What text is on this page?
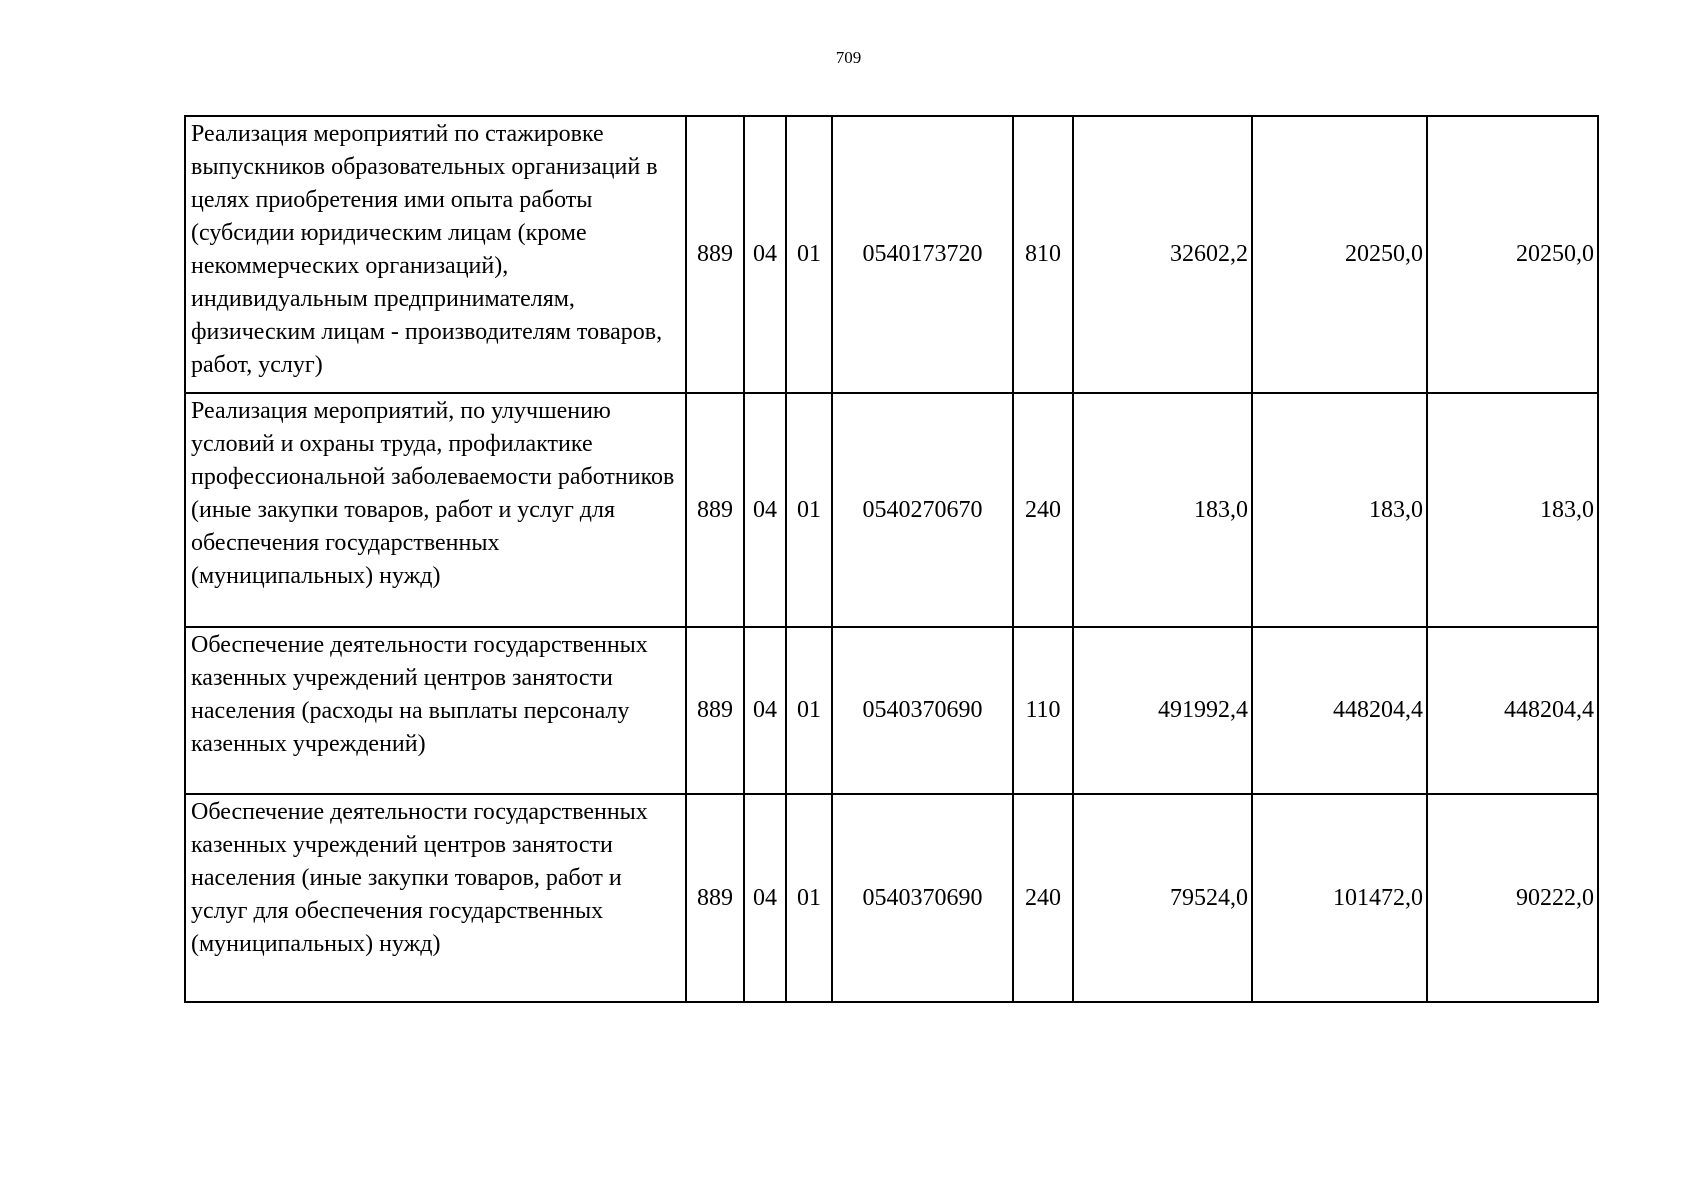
709
Реализация мероприятий по стажировке выпускников образовательных организаций в целях приобретения ими опыта работы (субсидии юридическим лицам (кроме некоммерческих организаций), индивидуальным предпринимателям, физическим лицам - производителям товаров, работ, услуг)	889	04	01	0540173720	810	32602,2	20250,0	20250,0
Реализация мероприятий, по улучшению условий и охраны труда, профилактике профессиональной заболеваемости работников (иные закупки товаров, работ и услуг для обеспечения государственных (муниципальных) нужд)	889	04	01	0540270670	240	183,0	183,0	183,0
Обеспечение деятельности государственных казенных учреждений центров занятости населения (расходы на выплаты персоналу казенных учреждений)	889	04	01	0540370690	110	491992,4	448204,4	448204,4
Обеспечение деятельности государственных казенных учреждений центров занятости населения (иные закупки товаров, работ и услуг для обеспечения государственных (муниципальных) нужд)	889	04	01	0540370690	240	79524,0	101472,0	90222,0
